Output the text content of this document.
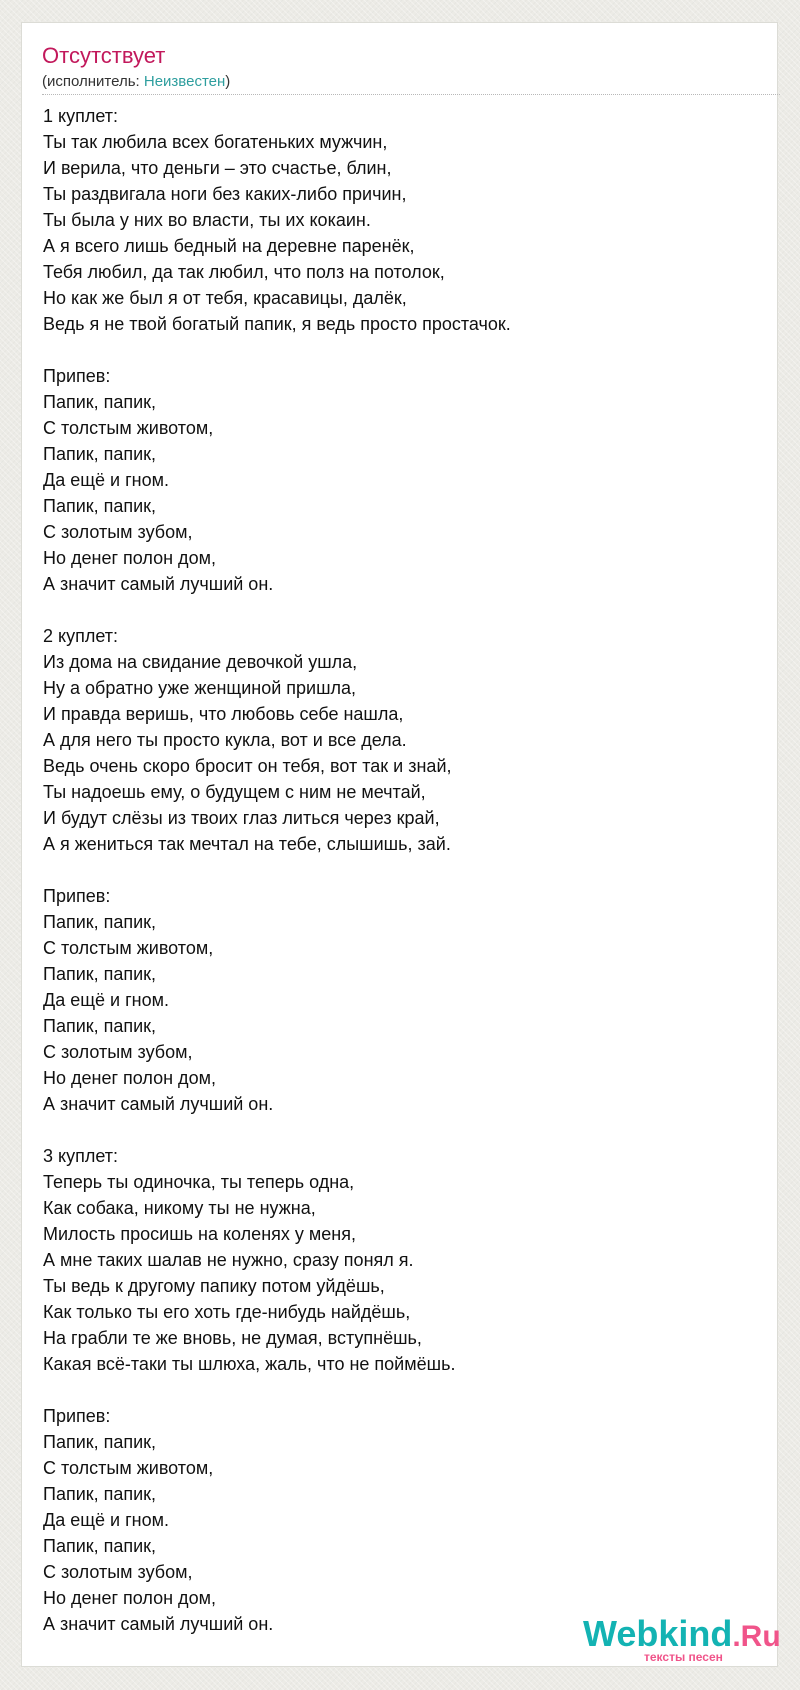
Отсутствует
(исполнитель: Неизвестен)
1 куплет:
Ты так любила всех богатеньких мужчин,
И верила, что деньги – это счастье, блин,
Ты раздвигала ноги без каких-либо причин,
Ты была у них во власти, ты их кокаин.
А я всего лишь бедный на деревне паренёк,
Тебя любил, да так любил, что полз на потолок,
Но как же был я от тебя, красавицы, далёк,
Ведь я не твой богатый папик, я ведь просто простачок.

Припев:
Папик, папик,
С толстым животом,
Папик, папик,
Да ещё и гном.
Папик, папик,
С золотым зубом,
Но денег полон дом,
А значит самый лучший он.

2 куплет:
Из дома на свидание девочкой ушла,
Ну а обратно уже женщиной пришла,
И правда веришь, что любовь себе нашла,
А для него ты просто кукла, вот и все дела.
Ведь очень скоро бросит он тебя, вот так и знай,
Ты надоешь ему, о будущем с ним не мечтай,
И будут слёзы из твоих глаз литься через край,
А я жениться так мечтал на тебе, слышишь, зай.

Припев:
Папик, папик,
С толстым животом,
Папик, папик,
Да ещё и гном.
Папик, папик,
С золотым зубом,
Но денег полон дом,
А значит самый лучший он.

3 куплет:
Теперь ты одиночка, ты теперь одна,
Как собака, никому ты не нужна,
Милость просишь на коленях у меня,
А мне таких шалав не нужно, сразу понял я.
Ты ведь к другому папику потом уйдёшь,
Как только ты его хоть где-нибудь найдёшь,
На грабли те же вновь, не думая, вступнёшь,
Какая всё-таки ты шлюха, жаль, что не поймёшь.

Припев:
Папик, папик,
С толстым животом,
Папик, папик,
Да ещё и гном.
Папик, папик,
С золотым зубом,
Но денег полон дом,
А значит самый лучший он.	Webkind.Ru
тексты песен
